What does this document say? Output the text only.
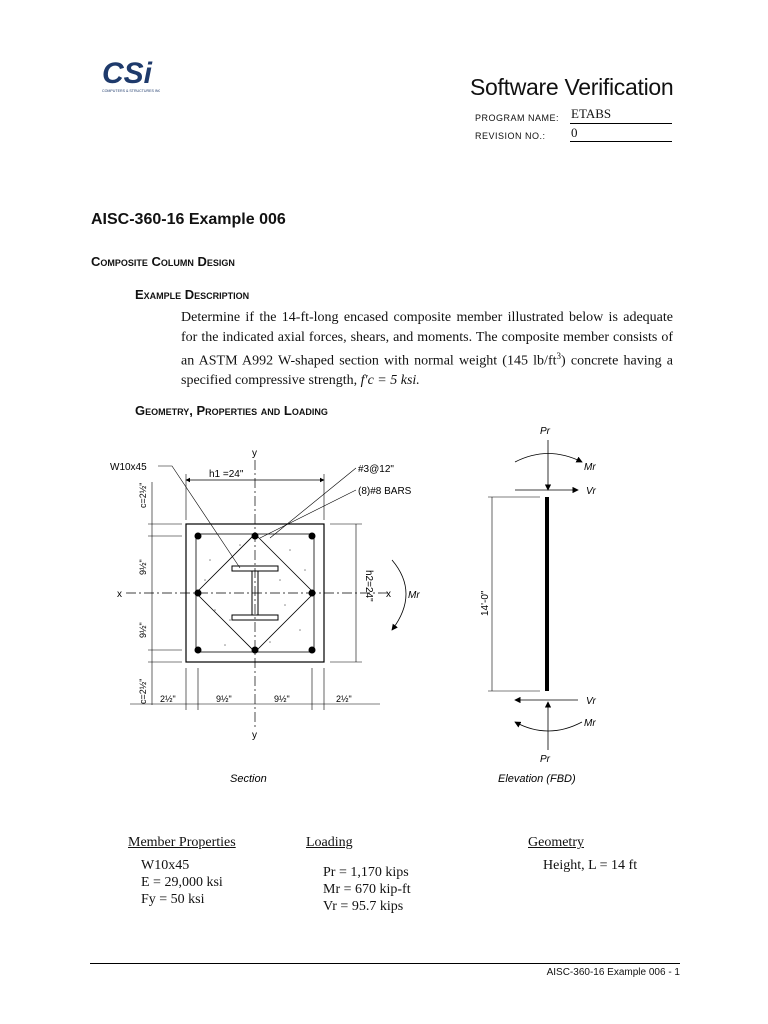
CSi
COMPUTERS & STRUCTURES INC.	Software Verification
PROGRAM NAME: ETABS
REVISION NO.: 0
AISC-360-16 Example 006
Composite Column Design
Example Description
Determine if the 14-ft-long encased composite member illustrated below is adequate for the indicated axial forces, shears, and moments. The composite member consists of an ASTM A992 W-shaped section with normal weight (145 $lb/ft^3$) concrete having a specified compressive strength, f′c = 5 ksi.
Geometry, Properties and Loading
y
y
x	x
h1 =24"
W10x45	#3@12"
(8)#8 BARS
h2=24"	Mr
c=2½"
9½"
9½"
c=2½" 2½"	9½"	9½"	2½"
Section
Pr
Mr
Vr
14'-0"
Vr
Mr
Pr
Elevation (FBD)
Member Properties
W10x45
E = 29,000 ksi
Fy = 50 ksi
Loading
Pr = 1,170 kips
Mr = 670 kip-ft
Vr = 95.7 kips
Geometry
Height, L = 14 ft
AISC-360-16 Example 006 - 1
